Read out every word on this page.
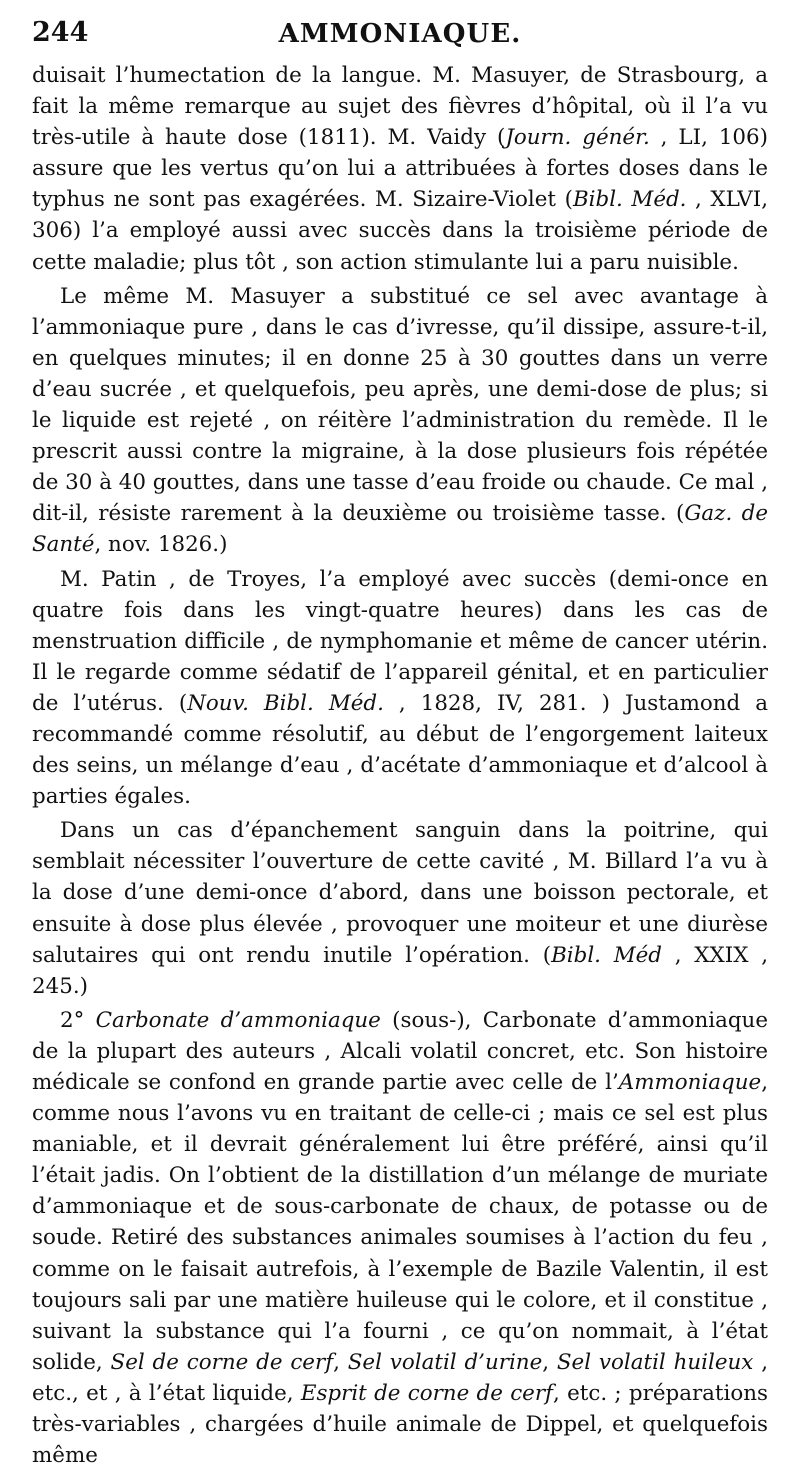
244	AMMONIAQUE.

duisait l’humectation de la langue. M. Masuyer, de Strasbourg, a fait la même remarque au sujet des fièvres d’hôpital, où il l’a vu très-utile à haute dose (1811). M. Vaidy (Journ. génér. , LI, 106) assure que les vertus qu’on lui a attribuées à fortes doses dans le typhus ne sont pas exagérées. M. Sizaire-Violet (Bibl. Méd. , XLVI, 306) l’a employé aussi avec succès dans la troisième période de cette maladie; plus tôt , son action stimulante lui a paru nuisible.

Le même M. Masuyer a substitué ce sel avec avantage à l’ammoniaque pure , dans le cas d’ivresse, qu’il dissipe, assure-t-il, en quelques minutes; il en donne 25 à 30 gouttes dans un verre d’eau sucrée , et quelquefois, peu après, une demi-dose de plus; si le liquide est rejeté , on réitère l’administration du remède. Il le prescrit aussi contre la migraine, à la dose plusieurs fois répétée de 30 à 40 gouttes, dans une tasse d’eau froide ou chaude. Ce mal , dit-il, résiste rarement à la deuxième ou troisième tasse. (Gaz. de Santé, nov. 1826.)

M. Patin , de Troyes, l’a employé avec succès (demi-once en quatre fois dans les vingt-quatre heures) dans les cas de menstruation difficile , de nymphomanie et même de cancer utérin. Il le regarde comme sédatif de l’appareil génital, et en particulier de l’utérus. (Nouv. Bibl. Méd. , 1828, IV, 281. ) Justamond a recommandé comme résolutif, au début de l’engorgement laiteux des seins, un mélange d’eau , d’acétate d’ammoniaque et d’alcool à parties égales.

Dans un cas d’épanchement sanguin dans la poitrine, qui semblait nécessiter l’ouverture de cette cavité , M. Billard l’a vu à la dose d’une demi-once d’abord, dans une boisson pectorale, et ensuite à dose plus élevée , provoquer une moiteur et une diurèse salutaires qui ont rendu inutile l’opération. (Bibl. Méd , XXIX , 245.)

2° Carbonate d’ammoniaque (sous-), Carbonate d’ammoniaque de la plupart des auteurs , Alcali volatil concret, etc. Son histoire médicale se confond en grande partie avec celle de l’Ammoniaque, comme nous l’avons vu en traitant de celle-ci ; mais ce sel est plus maniable, et il devrait généralement lui être préféré, ainsi qu’il l’était jadis. On l’obtient de la distillation d’un mélange de muriate d’ammoniaque et de sous-carbonate de chaux, de potasse ou de soude. Retiré des substances animales soumises à l’action du feu , comme on le faisait autrefois, à l’exemple de Bazile Valentin, il est toujours sali par une matière huileuse qui le colore, et il constitue , suivant la substance qui l’a fourni , ce qu’on nommait, à l’état solide, Sel de corne de cerf, Sel volatil d’urine, Sel volatil huileux , etc., et , à l’état liquide, Esprit de corne de cerf, etc. ; préparations très-variables , chargées d’huile animale de Dippel, et quelquefois même
